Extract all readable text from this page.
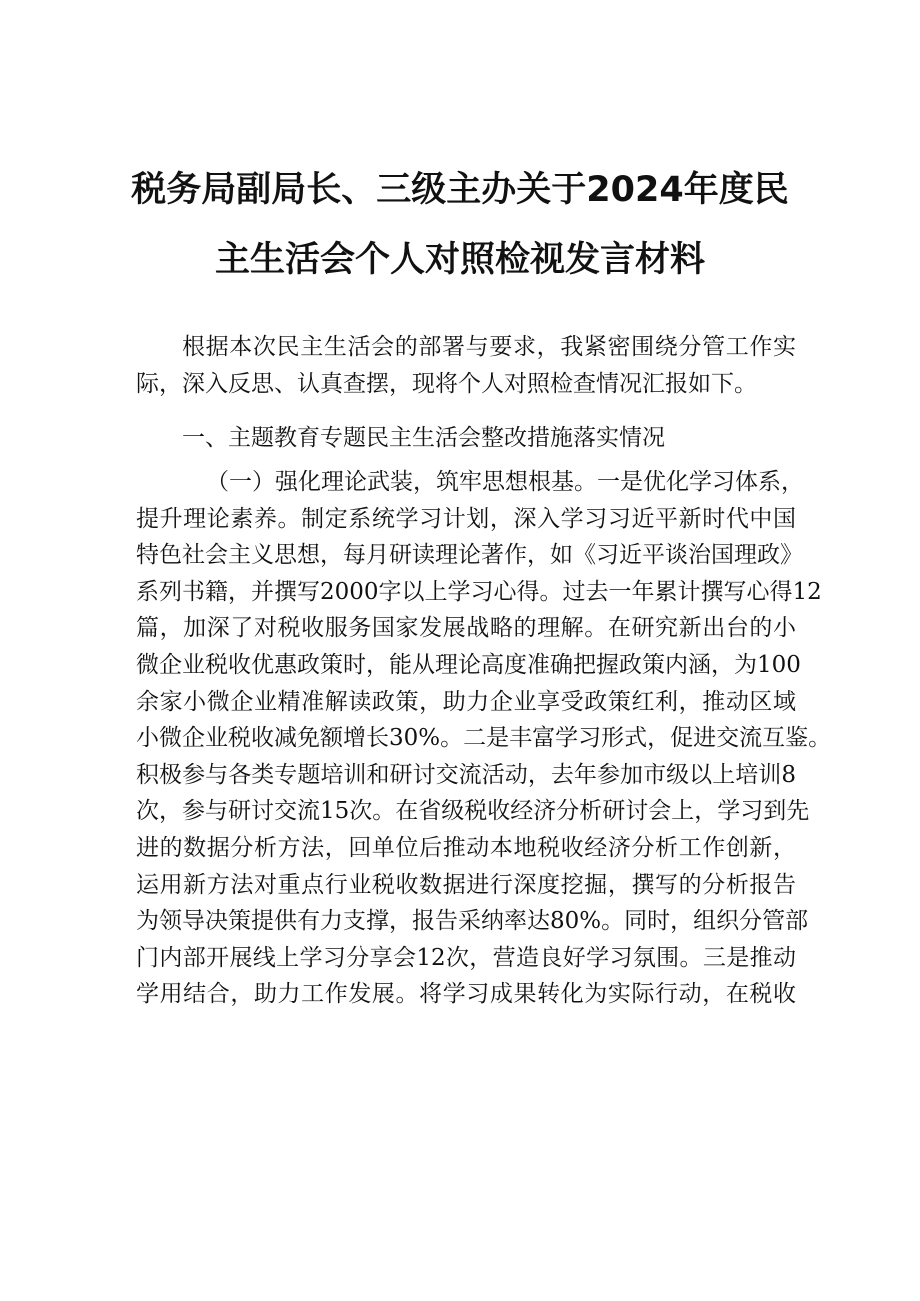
税务局副局长、三级主办关于2024年度民
主生活会个人对照检视发言材料
根据本次民主生活会的部署与要求，我紧密围绕分管工作实
际，深入反思、认真查摆，现将个人对照检查情况汇报如下。
一、主题教育专题民主生活会整改措施落实情况
（一）强化理论武装，筑牢思想根基。一是优化学习体系，
提升理论素养。制定系统学习计划，深入学习习近平新时代中国
特色社会主义思想，每月研读理论著作，如《习近平谈治国理政》
系列书籍，并撰写2000字以上学习心得。过去一年累计撰写心得12
篇，加深了对税收服务国家发展战略的理解。在研究新出台的小
微企业税收优惠政策时，能从理论高度准确把握政策内涵，为100
余家小微企业精准解读政策，助力企业享受政策红利，推动区域
小微企业税收减免额增长30%。二是丰富学习形式，促进交流互鉴。
积极参与各类专题培训和研讨交流活动，去年参加市级以上培训8
次，参与研讨交流15次。在省级税收经济分析研讨会上，学习到先
进的数据分析方法，回单位后推动本地税收经济分析工作创新，
运用新方法对重点行业税收数据进行深度挖掘，撰写的分析报告
为领导决策提供有力支撑，报告采纳率达80%。同时，组织分管部
门内部开展线上学习分享会12次，营造良好学习氛围。三是推动
学用结合，助力工作发展。将学习成果转化为实际行动，在税收
